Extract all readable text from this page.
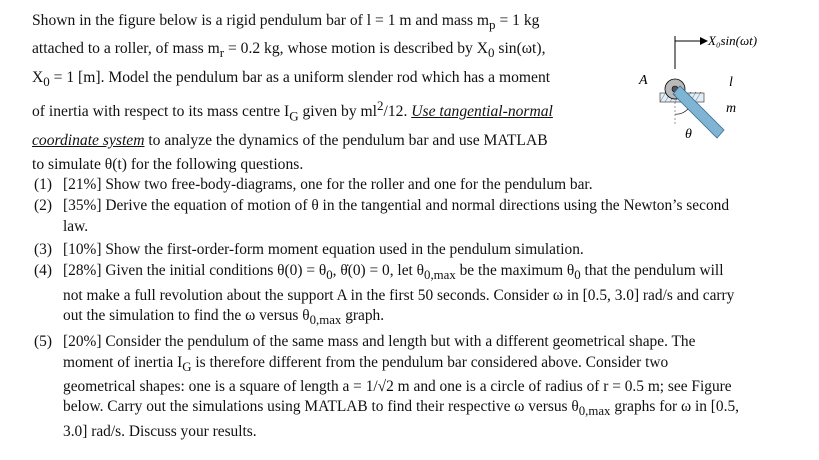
Shown in the figure below is a rigid pendulum bar of l = 1 m and mass $m_p = 1$ kg

attached to a roller, of mass $m_r = 0.2$ kg, whose motion is described by $X_0$ sin(ωt),

$X_0 = 1$ [m]. Model the pendulum bar as a uniform slender rod which has a moment

of inertia with respect to its mass centre $I_G$ given by $ml^2/12$. Use tangential-normal

coordinate system to analyze the dynamics of the pendulum bar and use MATLAB

to simulate θ(t) for the following questions.

X₀sin(ωt)
A
θ
l
m
(1) [21%] Show two free-body-diagrams, one for the roller and one for the pendulum bar.
(2) [35%] Derive the equation of motion of θ in the tangential and normal directions using the Newton’s second law.
(3) [10%] Show the first-order-form moment equation used in the pendulum simulation.
(4) [28%] Given the initial conditions $\theta(0) = \theta_0$, θ̇(0) = 0, let $\theta_{0,max}$ be the maximum $\theta_0$ that the pendulum will not make a full revolution about the support A in the first 50 seconds. Consider ω in [0.5, 3.0] rad/s and carry out the simulation to find the ω versus $\theta_{0,max}$ graph.
(5) [20%] Consider the pendulum of the same mass and length but with a different geometrical shape. The moment of inertia $I_G$ is therefore different from the pendulum bar considered above. Consider two geometrical shapes: one is a square of length a = 1/√2 m and one is a circle of radius of r = 0.5 m; see Figure below. Carry out the simulations using MATLAB to find their respective ω versus $\theta_{0,max}$ graphs for ω in [0.5, 3.0] rad/s. Discuss your results.
